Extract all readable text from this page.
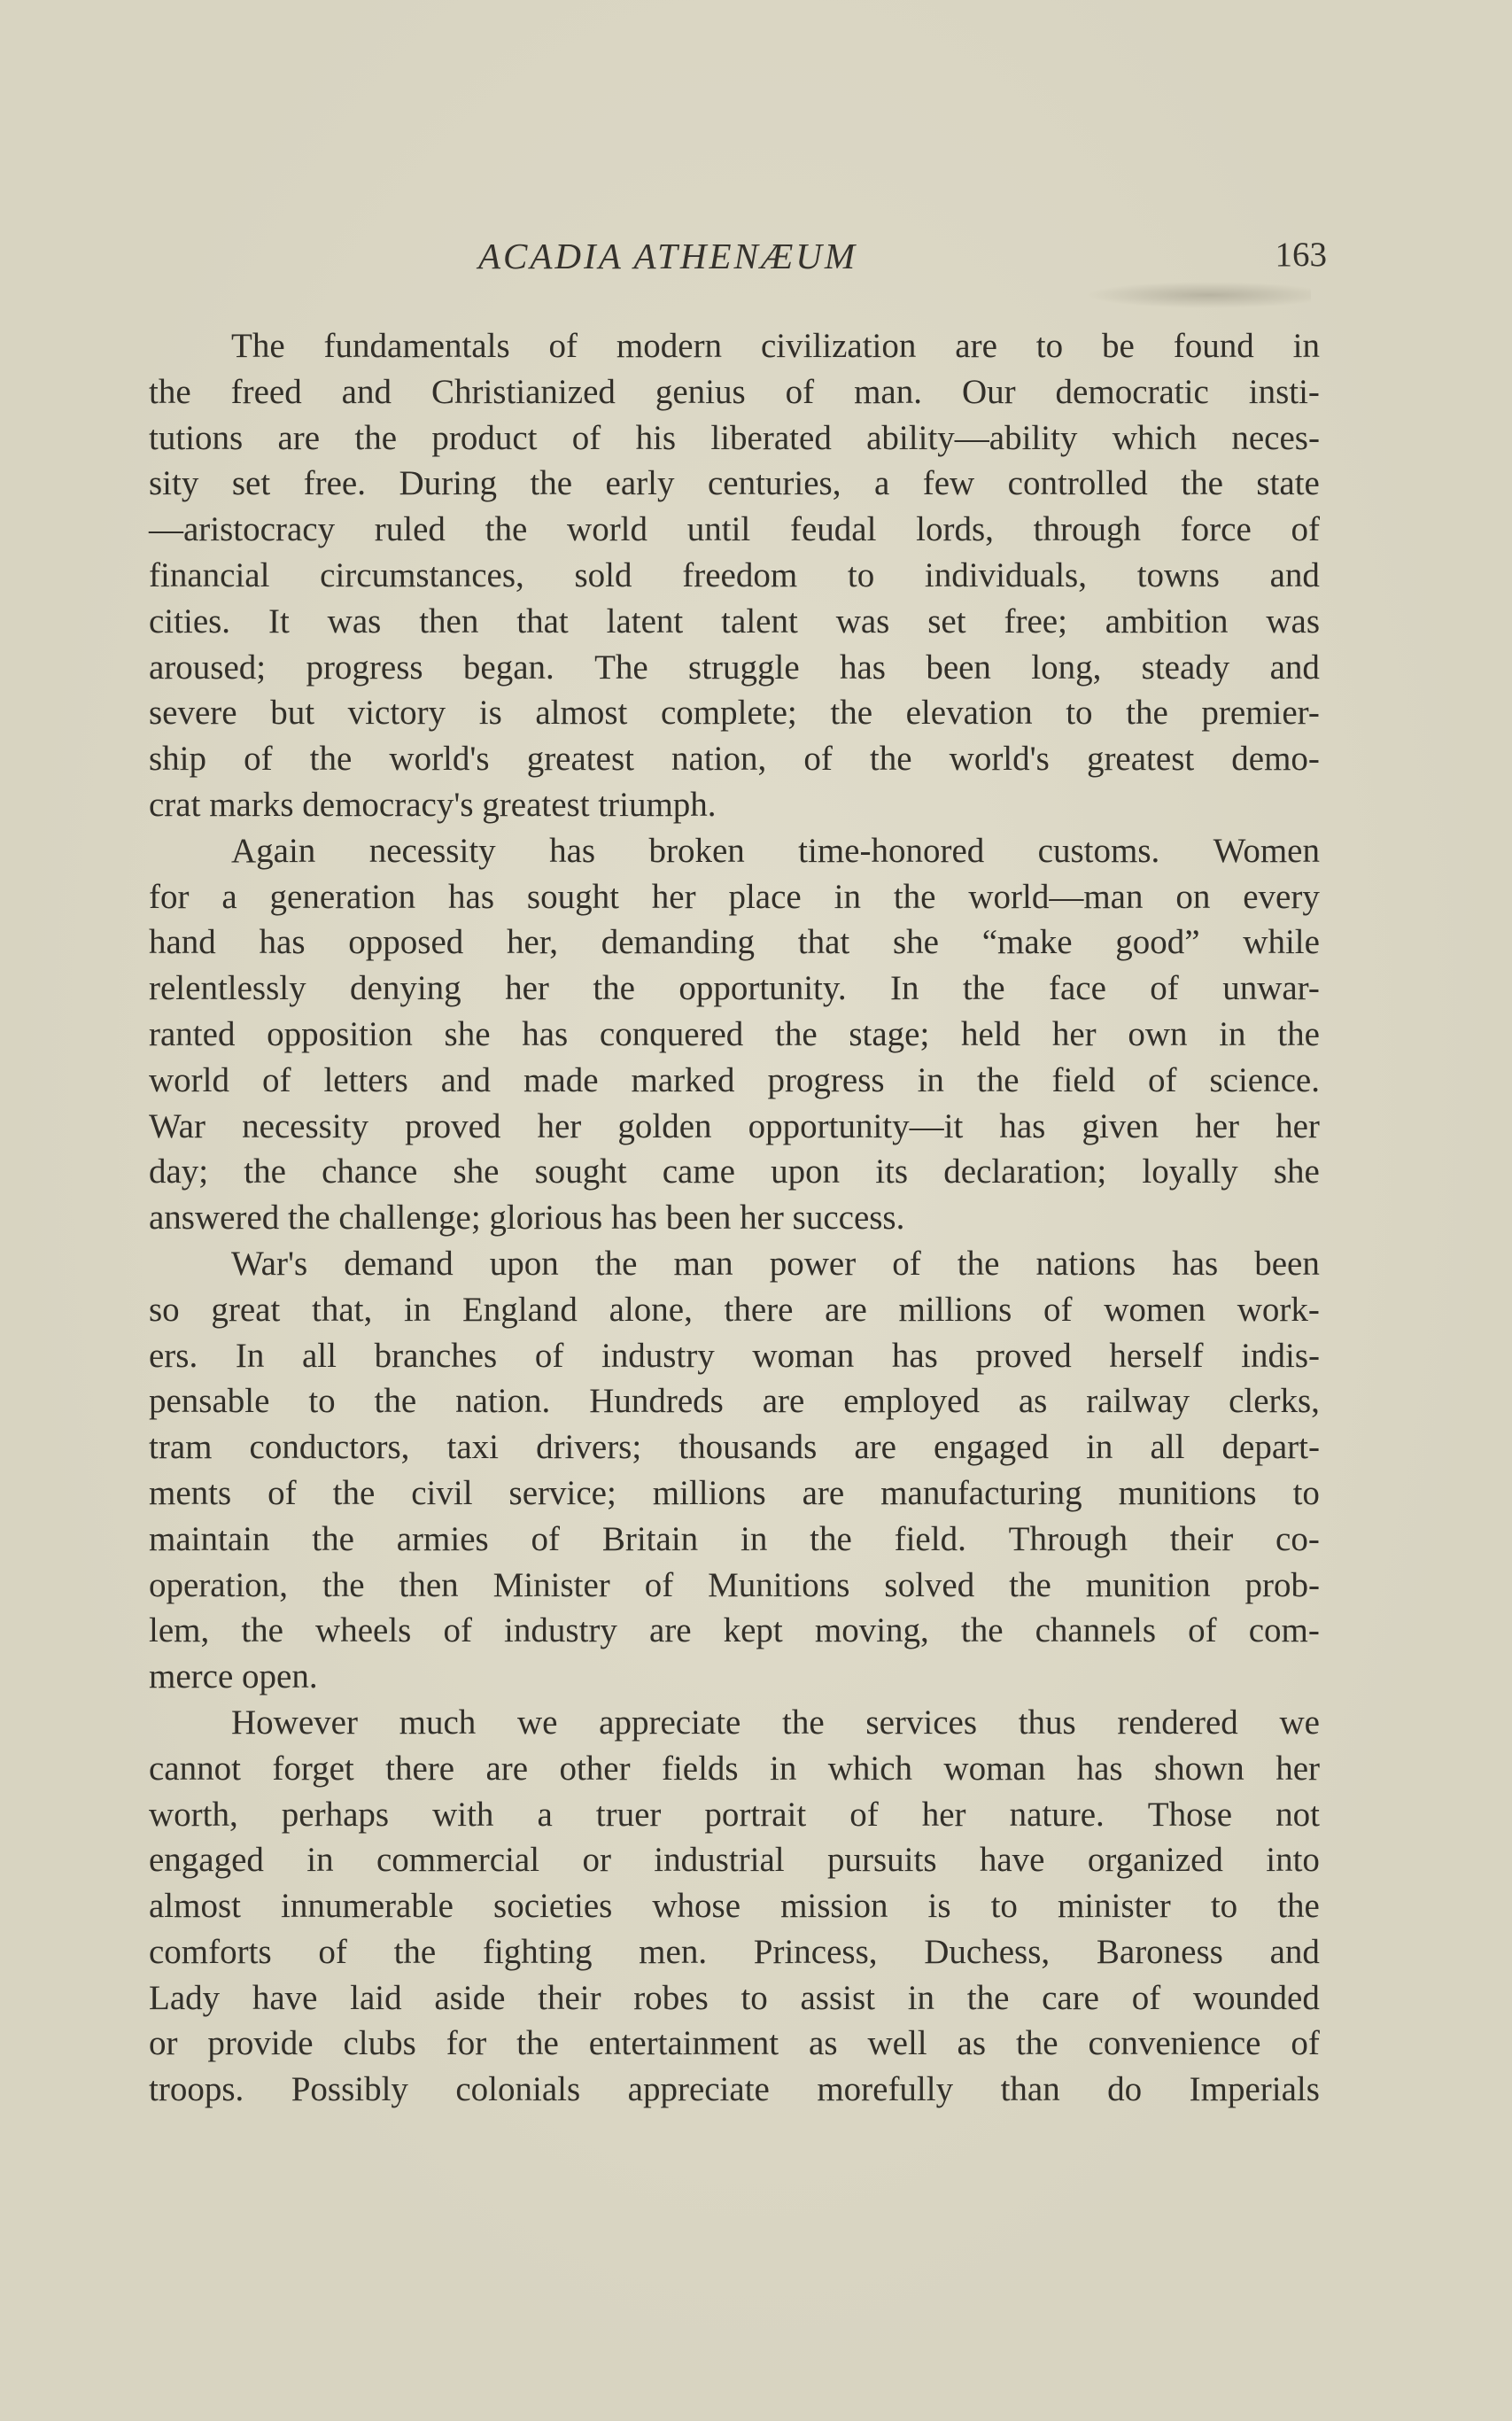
ACADIA ATHENÆUM	163
The fundamentals of modern civilization are to be found in
the freed and Christianized genius of man. Our democratic insti-
tutions are the product of his liberated ability—ability which neces-
sity set free. During the early centuries, a few controlled the state
—aristocracy ruled the world until feudal lords, through force of
financial circumstances, sold freedom to individuals, towns and
cities. It was then that latent talent was set free; ambition was
aroused; progress began. The struggle has been long, steady and
severe but victory is almost complete; the elevation to the premier-
ship of the world's greatest nation, of the world's greatest demo-
crat marks democracy's greatest triumph.
Again necessity has broken time-honored customs. Women
for a generation has sought her place in the world—man on every
hand has opposed her, demanding that she “make good” while
relentlessly denying her the opportunity. In the face of unwar-
ranted opposition she has conquered the stage; held her own in the
world of letters and made marked progress in the field of science.
War necessity proved her golden opportunity—it has given her her
day; the chance she sought came upon its declaration; loyally she
answered the challenge; glorious has been her success.
War's demand upon the man power of the nations has been
so great that, in England alone, there are millions of women work-
ers. In all branches of industry woman has proved herself indis-
pensable to the nation. Hundreds are employed as railway clerks,
tram conductors, taxi drivers; thousands are engaged in all depart-
ments of the civil service; millions are manufacturing munitions to
maintain the armies of Britain in the field. Through their co-
operation, the then Minister of Munitions solved the munition prob-
lem, the wheels of industry are kept moving, the channels of com-
merce open.
However much we appreciate the services thus rendered we
cannot forget there are other fields in which woman has shown her
worth, perhaps with a truer portrait of her nature. Those not
engaged in commercial or industrial pursuits have organized into
almost innumerable societies whose mission is to minister to the
comforts of the fighting men. Princess, Duchess, Baroness and
Lady have laid aside their robes to assist in the care of wounded
or provide clubs for the entertainment as well as the convenience of
troops. Possibly colonials appreciate morefully than do Imperials
